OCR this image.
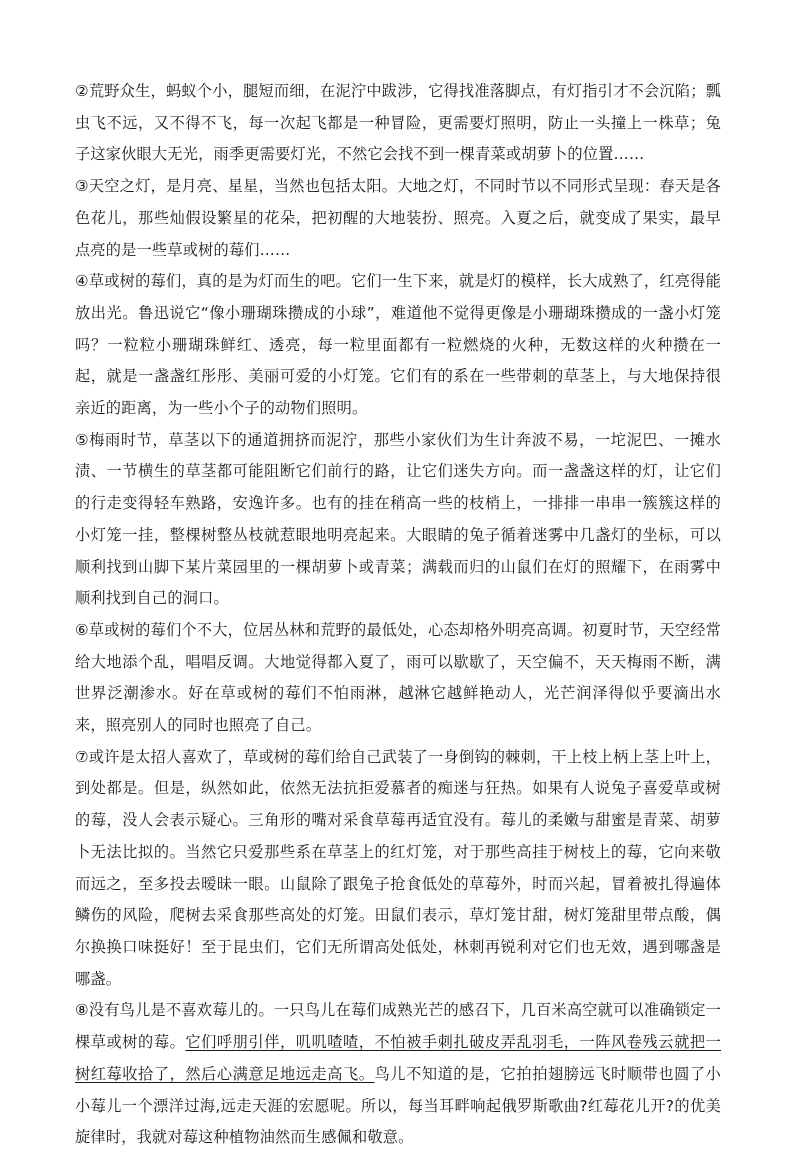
②荒野众生，蚂蚁个小，腿短而细，在泥泞中跋涉，它得找准落脚点，有灯指引才不会沉陷；瓢虫飞不远，又不得不飞，每一次起飞都是一种冒险，更需要灯照明，防止一头撞上一株草；兔子这家伙眼大无光，雨季更需要灯光，不然它会找不到一棵青菜或胡萝卜的位置……

③天空之灯，是月亮、星星，当然也包括太阳。大地之灯，不同时节以不同形式呈现：春天是各色花儿，那些灿假设繁星的花朵，把初醒的大地装扮、照亮。入夏之后，就变成了果实，最早点亮的是一些草或树的莓们……

④草或树的莓们，真的是为灯而生的吧。它们一生下来，就是灯的模样，长大成熟了，红亮得能放出光。鲁迅说它“像小珊瑚珠攒成的小球”，难道他不觉得更像是小珊瑚珠攒成的一盏小灯笼吗？一粒粒小珊瑚珠鲜红、透亮，每一粒里面都有一粒燃烧的火种，无数这样的火种攒在一起，就是一盏盏红彤彤、美丽可爱的小灯笼。它们有的系在一些带刺的草茎上，与大地保持很亲近的距离，为一些小个子的动物们照明。

⑤梅雨时节，草茎以下的通道拥挤而泥泞，那些小家伙们为生计奔波不易，一坨泥巴、一摊水渍、一节横生的草茎都可能阻断它们前行的路，让它们迷失方向。而一盏盏这样的灯，让它们的行走变得轻车熟路，安逸许多。也有的挂在稍高一些的枝梢上，一排排一串串一簇簇这样的小灯笼一挂，整棵树整丛枝就惹眼地明亮起来。大眼睛的兔子循着迷雾中几盏灯的坐标，可以顺利找到山脚下某片菜园里的一棵胡萝卜或青菜；满载而归的山鼠们在灯的照耀下，在雨雾中顺利找到自己的洞口。

⑥草或树的莓们个不大，位居丛林和荒野的最低处，心态却格外明亮高调。初夏时节，天空经常给大地添个乱，唱唱反调。大地觉得都入夏了，雨可以歇歇了，天空偏不，天天梅雨不断，满世界泛潮渗水。好在草或树的莓们不怕雨淋，越淋它越鲜艳动人，光芒润泽得似乎要滴出水来，照亮别人的同时也照亮了自己。

⑦或许是太招人喜欢了，草或树的莓们给自己武装了一身倒钩的棘刺，干上枝上柄上茎上叶上，到处都是。但是，纵然如此，依然无法抗拒爱慕者的痴迷与狂热。如果有人说兔子喜爱草或树的莓，没人会表示疑心。三角形的嘴对采食草莓再适宜没有。莓儿的柔嫩与甜蜜是青菜、胡萝卜无法比拟的。当然它只爱那些系在草茎上的红灯笼，对于那些高挂于树枝上的莓，它向来敬而远之，至多投去暧昧一眼。山鼠除了跟兔子抢食低处的草莓外，时而兴起，冒着被扎得遍体鳞伤的风险，爬树去采食那些高处的灯笼。田鼠们表示，草灯笼甘甜，树灯笼甜里带点酸，偶尔换换口味挺好！至于昆虫们，它们无所谓高处低处，林刺再锐利对它们也无效，遇到哪盏是哪盏。

⑧没有鸟儿是不喜欢莓儿的。一只鸟儿在莓们成熟光芒的感召下，几百米高空就可以准确锁定一棵草或树的莓。它们呼朋引伴，叽叽喳喳，不怕被手刺扎破皮弄乱羽毛，一阵风卷残云就把一树红莓收拾了，然后心满意足地远走高飞。鸟儿不知道的是，它拍拍翅膀远飞时顺带也圆了小小莓儿一个漂洋过海,远走天涯的宏愿呢。所以，每当耳畔响起俄罗斯歌曲?红莓花儿开?的优美旋律时，我就对莓这种植物油然而生感佩和敬意。
